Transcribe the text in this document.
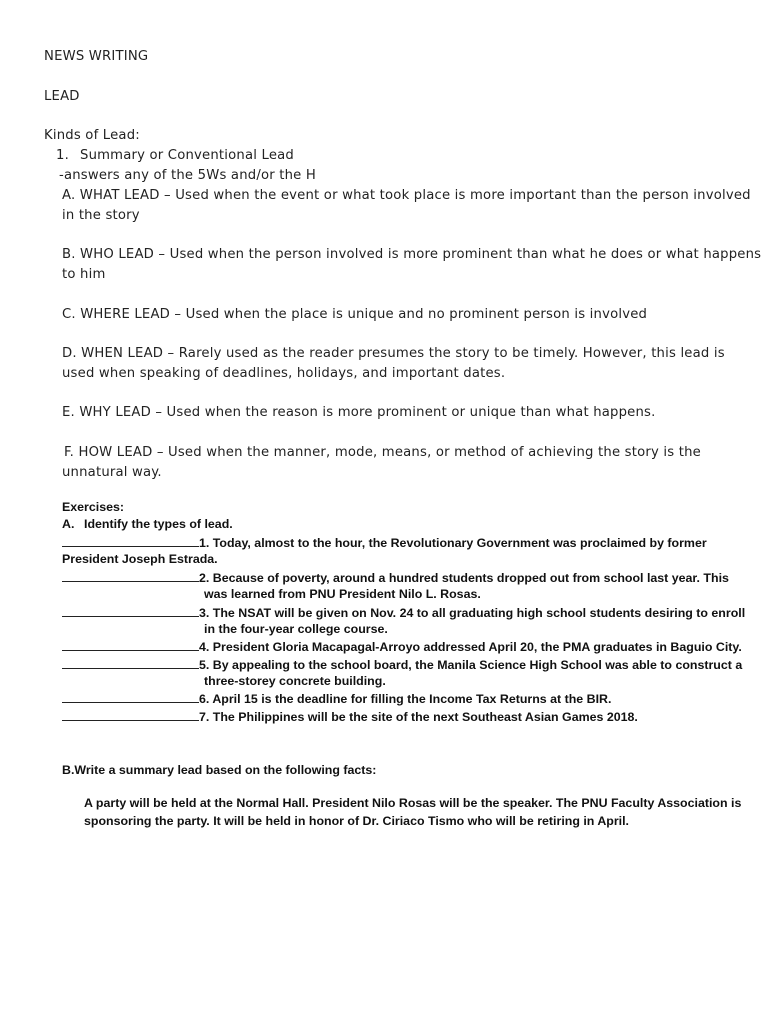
NEWS WRITING
LEAD
Kinds of Lead:
1. Summary or Conventional Lead
-answers any of the 5Ws and/or the H
A. WHAT LEAD – Used when the event or what took place is more important than the person involved
in the story
B. WHO LEAD – Used when the person involved is more prominent than what he does or what happens
to him
C. WHERE LEAD – Used when the place is unique and no prominent person is involved
D. WHEN LEAD – Rarely used as the reader presumes the story to be timely. However, this lead is
used when speaking of deadlines, holidays, and important dates.
E. WHY LEAD – Used when the reason is more prominent or unique than what happens.
F. HOW LEAD – Used when the manner, mode, means, or method of achieving the story is the
unnatural way.
Exercises:
A. Identify the types of lead.
1. Today, almost to the hour, the Revolutionary Government was proclaimed by former
President Joseph Estrada.
2. Because of poverty, around a hundred students dropped out from school last year. This
was learned from PNU President Nilo L. Rosas.
3. The NSAT will be given on Nov. 24 to all graduating high school students desiring to enroll
in the four-year college course.
4. President Gloria Macapagal-Arroyo addressed April 20, the PMA graduates in Baguio City.
5. By appealing to the school board, the Manila Science High School was able to construct a
three-storey concrete building.
6. April 15 is the deadline for filling the Income Tax Returns at the BIR.
7. The Philippines will be the site of the next Southeast Asian Games 2018.
B.Write a summary lead based on the following facts:
A party will be held at the Normal Hall. President Nilo Rosas will be the speaker. The PNU Faculty Association is
sponsoring the party. It will be held in honor of Dr. Ciriaco Tismo who will be retiring in April.
